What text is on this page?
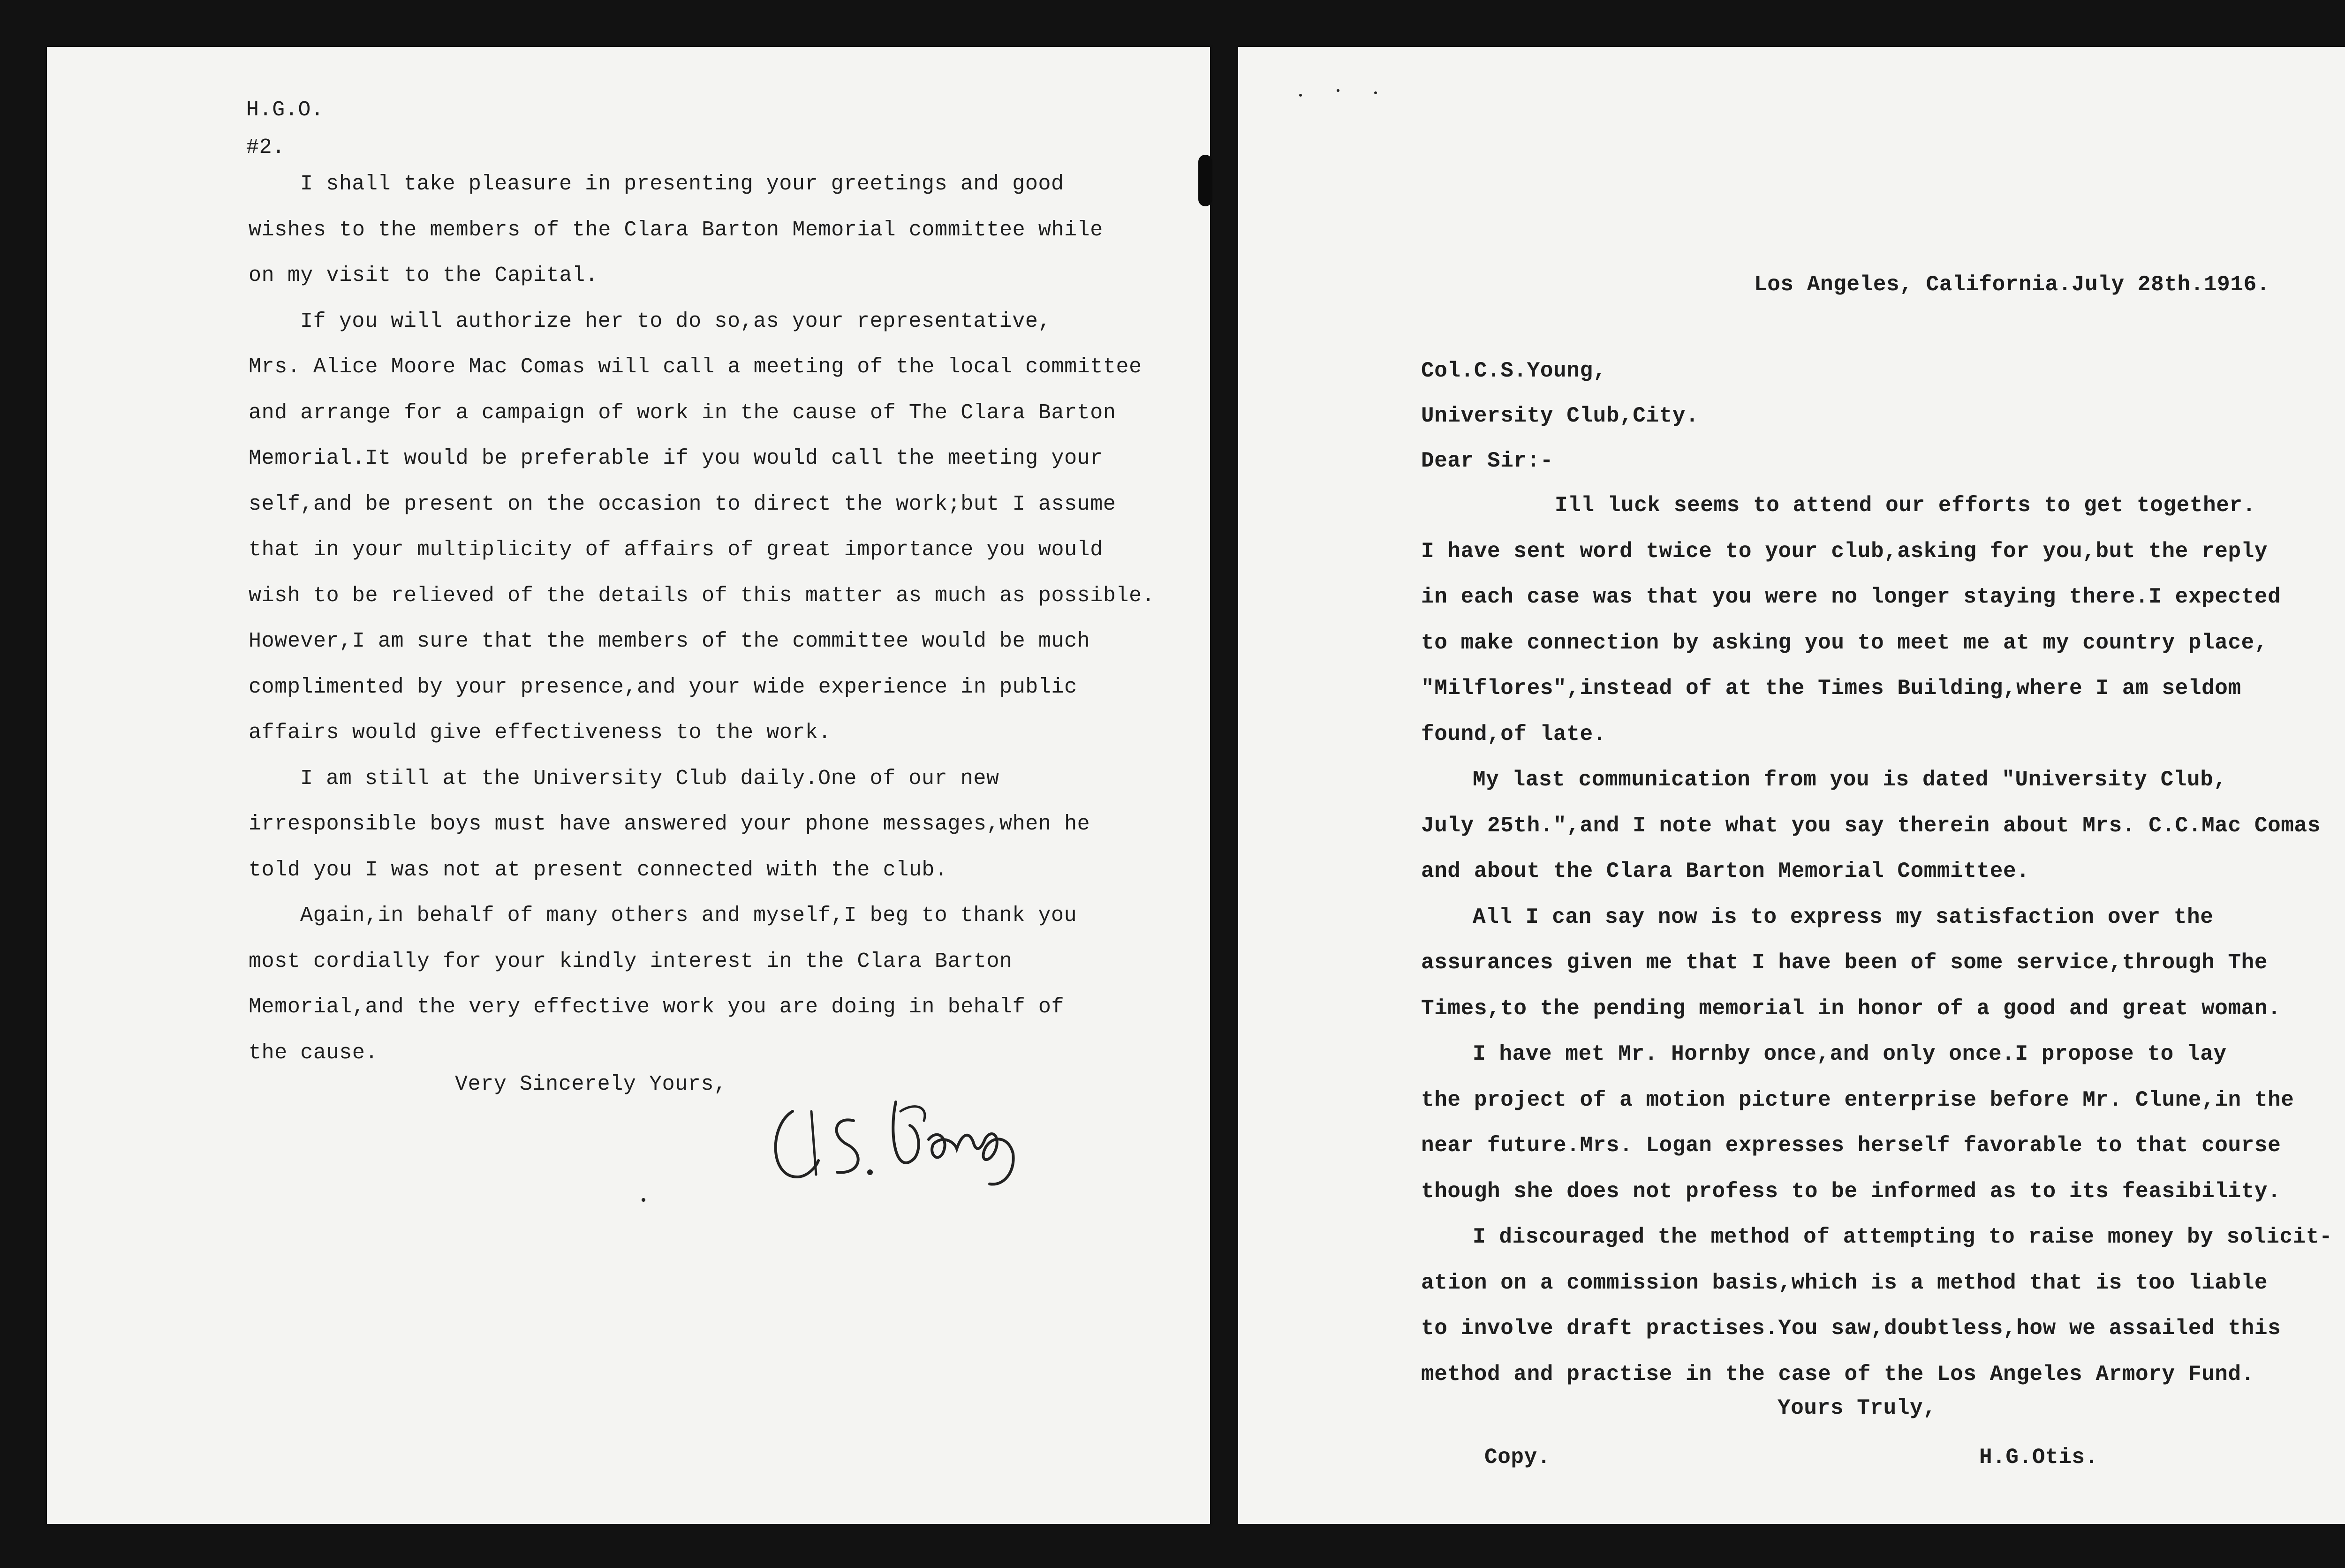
H.G.O.
#2.
I shall take pleasure in presenting your greetings and good
wishes to the members of the Clara Barton Memorial committee while
on my visit to the Capital.
If you will authorize her to do so,as your representative,
Mrs. Alice Moore Mac Comas will call a meeting of the local committee
and arrange for a campaign of work in the cause of The Clara Barton
Memorial.It would be preferable if you would call the meeting your
self,and be present on the occasion to direct the work;but I assume
that in your multiplicity of affairs of great importance you would
wish to be relieved of the details of this matter as much as possible.
However,I am sure that the members of the committee would be much
complimented by your presence,and your wide experience in public
affairs would give effectiveness to the work.
I am still at the University Club daily.One of our new
irresponsible boys must have answered your phone messages,when he
told you I was not at present connected with the club.
Again,in behalf of many others and myself,I beg to thank you
most cordially for your kindly interest in the Clara Barton
Memorial,and the very effective work you are doing in behalf of
the cause.
Very Sincerely Yours,
Los Angeles, California.July 28th.1916.
Col.C.S.Young,
University Club,City.
Dear Sir:-
Ill luck seems to attend our efforts to get together.
I have sent word twice to your club,asking for you,but the reply
in each case was that you were no longer staying there.I expected
to make connection by asking you to meet me at my country place,
"Milflores",instead of at the Times Building,where I am seldom
found,of late.
My last communication from you is dated "University Club,
July 25th.",and I note what you say therein about Mrs. C.C.Mac Comas
and about the Clara Barton Memorial Committee.
All I can say now is to express my satisfaction over the
assurances given me that I have been of some service,through The
Times,to the pending memorial in honor of a good and great woman.
I have met Mr. Hornby once,and only once.I propose to lay
the project of a motion picture enterprise before Mr. Clune,in the
near future.Mrs. Logan expresses herself favorable to that course
though she does not profess to be informed as to its feasibility.
I discouraged the method of attempting to raise money by solicit-
ation on a commission basis,which is a method that is too liable
to involve draft practises.You saw,doubtless,how we assailed this
method and practise in the case of the Los Angeles Armory Fund.
Yours Truly,
Copy.	H.G.Otis.
